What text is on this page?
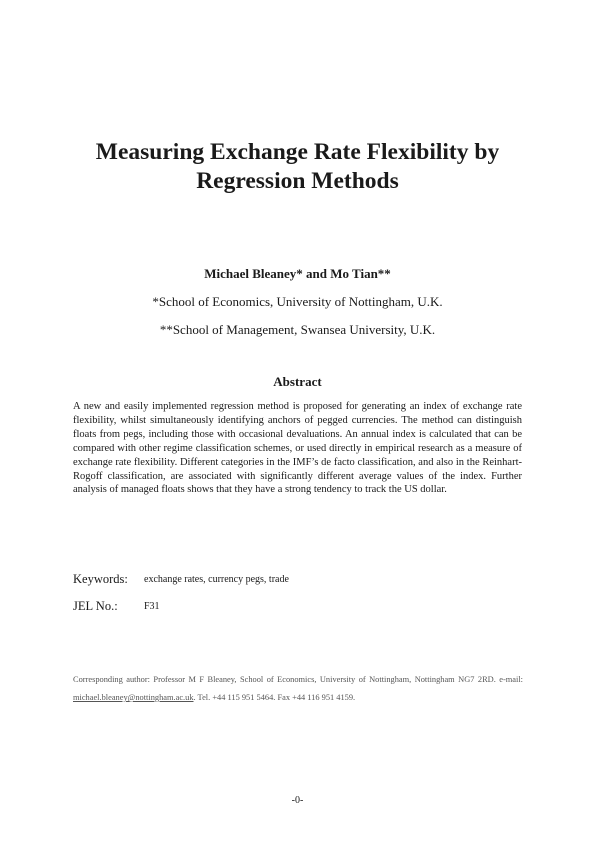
Measuring Exchange Rate Flexibility by
Regression Methods
Michael Bleaney* and Mo Tian**
*School of Economics, University of Nottingham, U.K.
**School of Management, Swansea University, U.K.
Abstract
A new and easily implemented regression method is proposed for generating an index of exchange rate flexibility, whilst simultaneously identifying anchors of pegged currencies. The method can distinguish floats from pegs, including those with occasional devaluations. An annual index is calculated that can be compared with other regime classification schemes, or used directly in empirical research as a measure of exchange rate flexibility. Different categories in the IMF’s de facto classification, and also in the Reinhart-Rogoff classification, are associated with significantly different average values of the index. Further analysis of managed floats shows that they have a strong tendency to track the US dollar.
Keywords:	exchange rates, currency pegs, trade
JEL No.:	F31
Corresponding author: Professor M F Bleaney, School of Economics, University of Nottingham, Nottingham NG7 2RD. e-mail: michael.bleaney@nottingham.ac.uk. Tel. +44 115 951 5464. Fax +44 116 951 4159.
-0-
